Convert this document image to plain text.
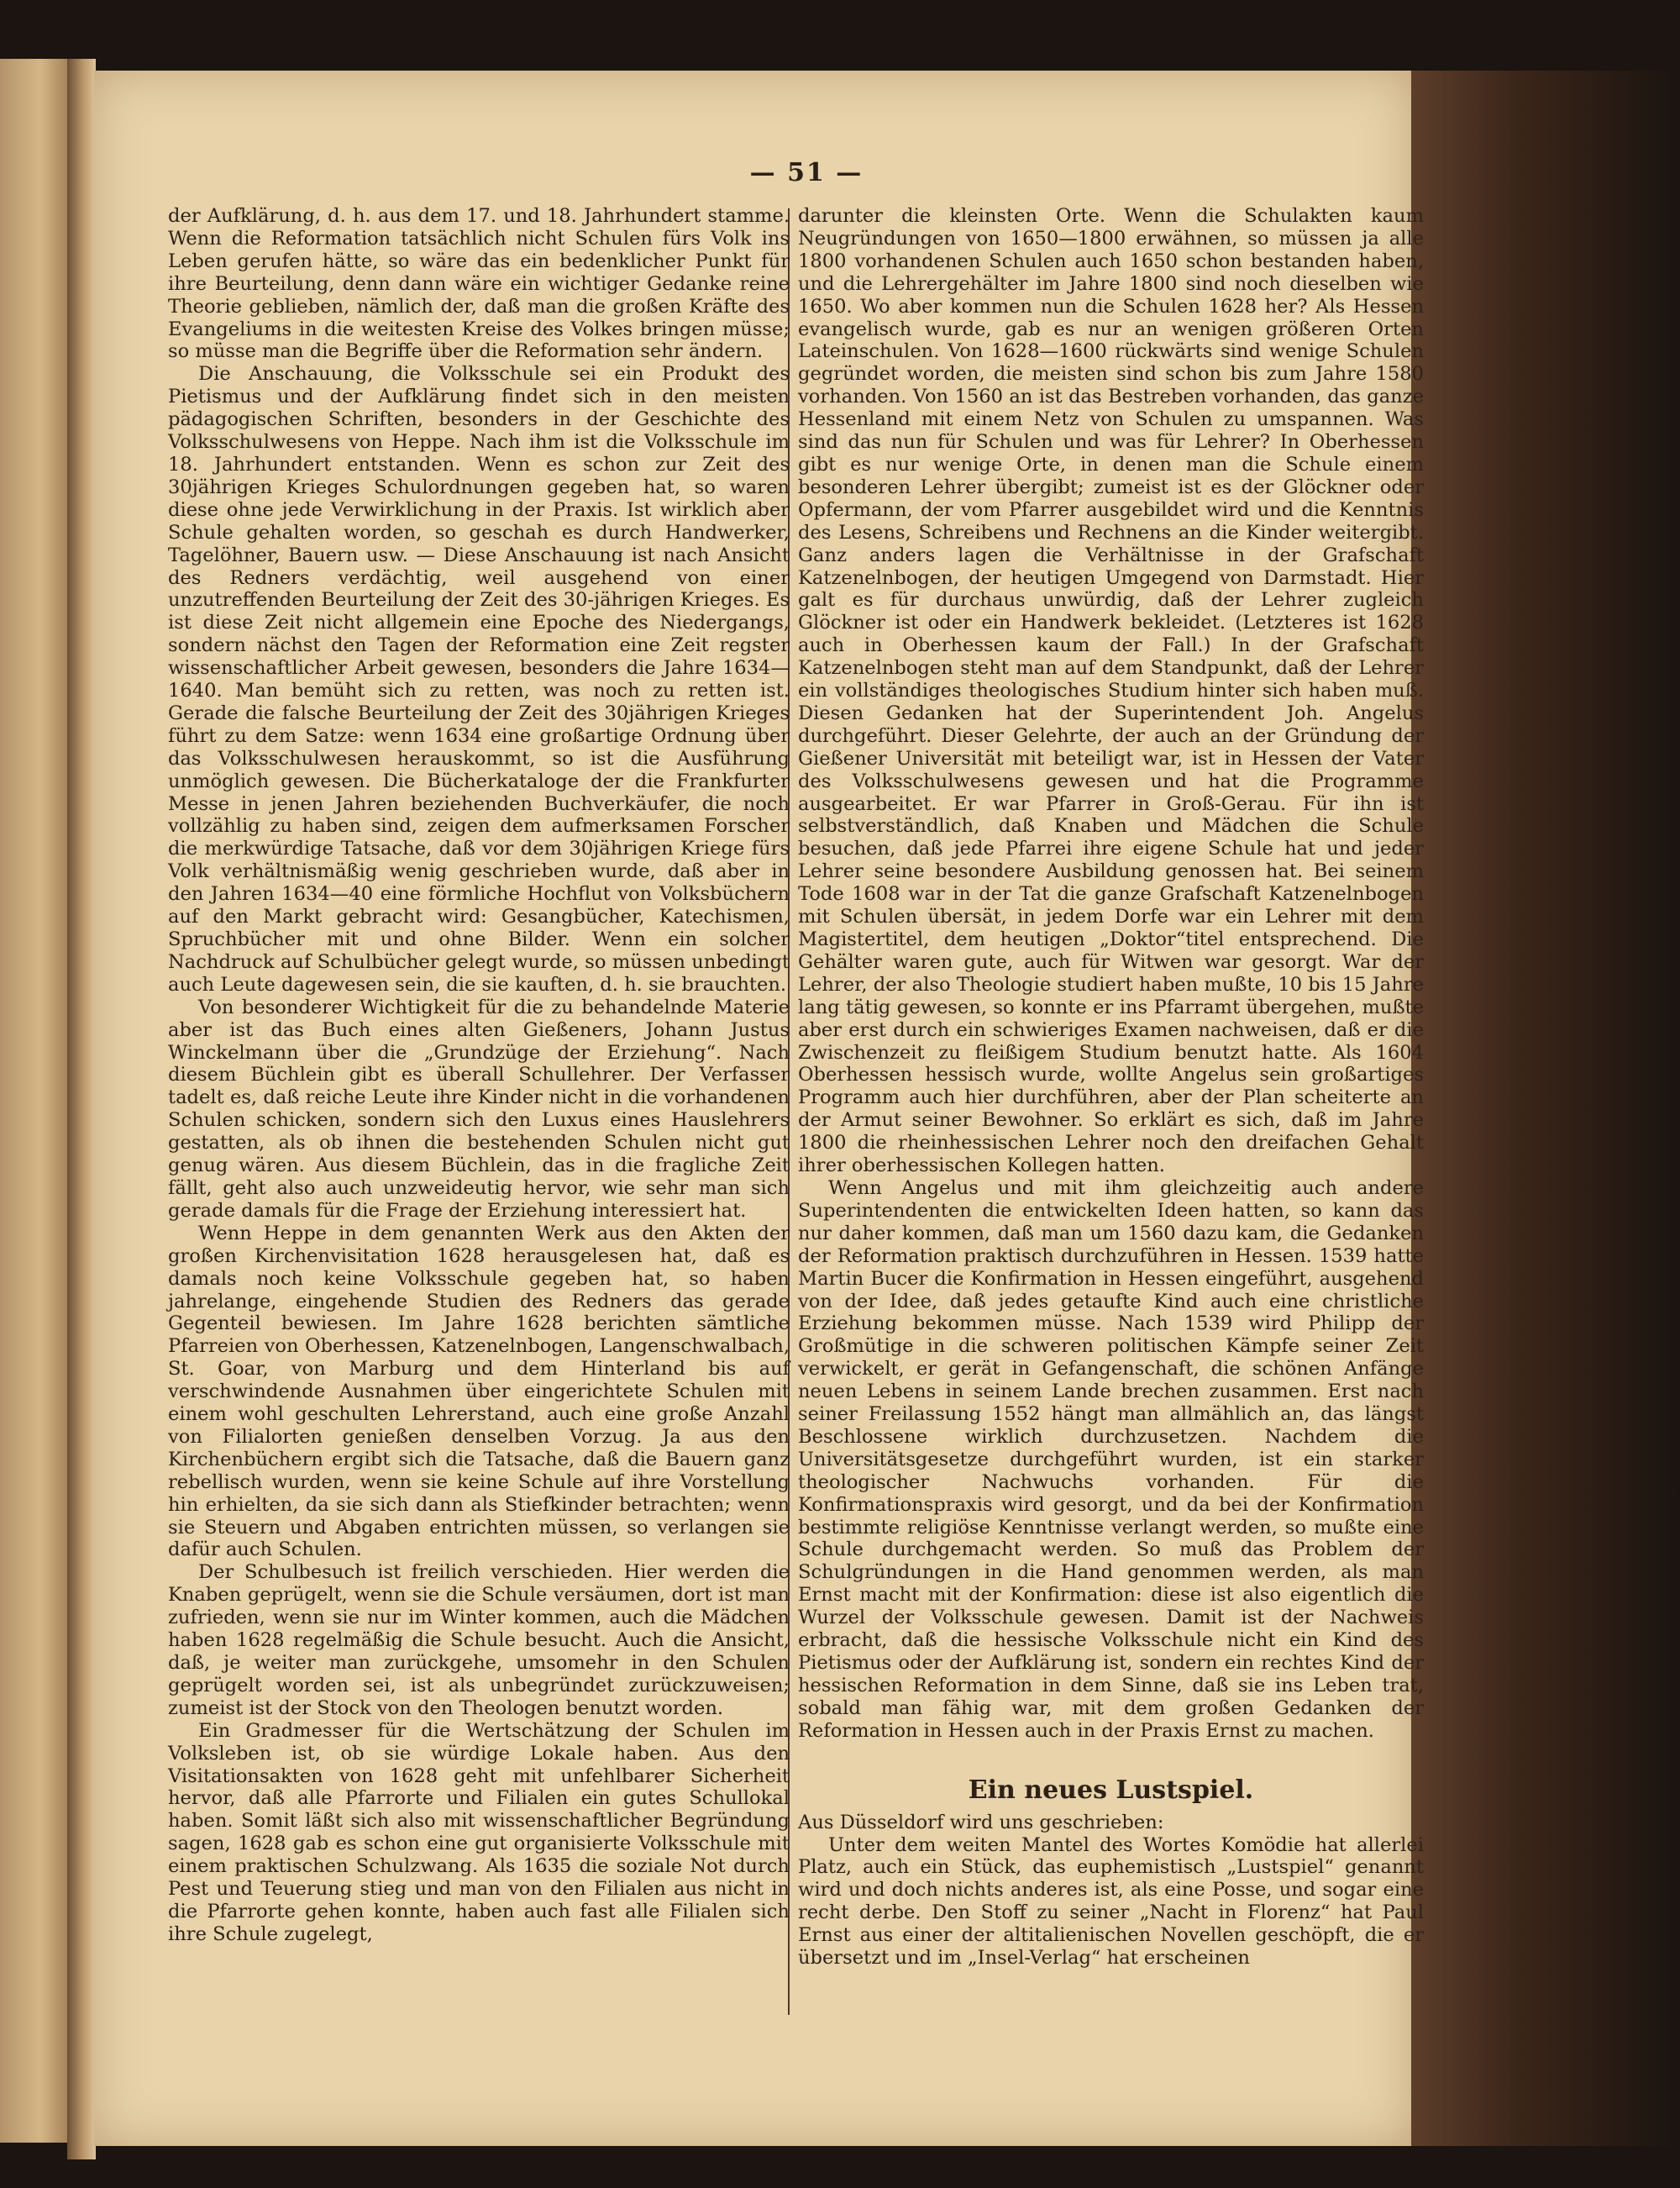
— 51 —

der Aufklärung, d. h. aus dem 17. und 18. Jahrhundert stamme. Wenn die Reformation tatsächlich nicht Schulen fürs Volk ins Leben gerufen hätte, so wäre das ein bedenklicher Punkt für ihre Beurteilung, denn dann wäre ein wichtiger Gedanke reine Theorie geblieben, nämlich der, daß man die großen Kräfte des Evangeliums in die weitesten Kreise des Volkes bringen müsse; so müsse man die Begriffe über die Reformation sehr ändern.

Die Anschauung, die Volksschule sei ein Produkt des Pietismus und der Aufklärung findet sich in den meisten pädagogischen Schriften, besonders in der Geschichte des Volksschulwesens von Heppe. Nach ihm ist die Volksschule im 18. Jahrhundert entstanden. Wenn es schon zur Zeit des 30jährigen Krieges Schulordnungen gegeben hat, so waren diese ohne jede Verwirklichung in der Praxis. Ist wirklich aber Schule gehalten worden, so geschah es durch Handwerker, Tagelöhner, Bauern usw. — Diese Anschauung ist nach Ansicht des Redners verdächtig, weil ausgehend von einer unzutreffenden Beurteilung der Zeit des 30-jährigen Krieges. Es ist diese Zeit nicht allgemein eine Epoche des Niedergangs, sondern nächst den Tagen der Reformation eine Zeit regster wissenschaftlicher Arbeit gewesen, besonders die Jahre 1634—1640. Man bemüht sich zu retten, was noch zu retten ist. Gerade die falsche Beurteilung der Zeit des 30jährigen Krieges führt zu dem Satze: wenn 1634 eine großartige Ordnung über das Volksschulwesen herauskommt, so ist die Ausführung unmöglich gewesen. Die Bücherkataloge der die Frankfurter Messe in jenen Jahren beziehenden Buchverkäufer, die noch vollzählig zu haben sind, zeigen dem aufmerksamen Forscher die merkwürdige Tatsache, daß vor dem 30jährigen Kriege fürs Volk verhältnismäßig wenig geschrieben wurde, daß aber in den Jahren 1634—40 eine förmliche Hochflut von Volksbüchern auf den Markt gebracht wird: Gesangbücher, Katechismen, Spruchbücher mit und ohne Bilder. Wenn ein solcher Nachdruck auf Schulbücher gelegt wurde, so müssen unbedingt auch Leute dagewesen sein, die sie kauften, d. h. sie brauchten.

Von besonderer Wichtigkeit für die zu behandelnde Materie aber ist das Buch eines alten Gießeners, Johann Justus Winckelmann über die „Grundzüge der Erziehung“. Nach diesem Büchlein gibt es überall Schullehrer. Der Verfasser tadelt es, daß reiche Leute ihre Kinder nicht in die vorhandenen Schulen schicken, sondern sich den Luxus eines Hauslehrers gestatten, als ob ihnen die bestehenden Schulen nicht gut genug wären. Aus diesem Büchlein, das in die fragliche Zeit fällt, geht also auch unzweideutig hervor, wie sehr man sich gerade damals für die Frage der Erziehung interessiert hat.

Wenn Heppe in dem genannten Werk aus den Akten der großen Kirchenvisitation 1628 herausgelesen hat, daß es damals noch keine Volksschule gegeben hat, so haben jahrelange, eingehende Studien des Redners das gerade Gegenteil bewiesen. Im Jahre 1628 berichten sämtliche Pfarreien von Oberhessen, Katzenelnbogen, Langenschwalbach, St. Goar, von Marburg und dem Hinterland bis auf verschwindende Ausnahmen über eingerichtete Schulen mit einem wohl geschulten Lehrerstand, auch eine große Anzahl von Filialorten genießen denselben Vorzug. Ja aus den Kirchenbüchern ergibt sich die Tatsache, daß die Bauern ganz rebellisch wurden, wenn sie keine Schule auf ihre Vorstellung hin erhielten, da sie sich dann als Stiefkinder betrachten; wenn sie Steuern und Abgaben entrichten müssen, so verlangen sie dafür auch Schulen.

Der Schulbesuch ist freilich verschieden. Hier werden die Knaben geprügelt, wenn sie die Schule versäumen, dort ist man zufrieden, wenn sie nur im Winter kommen, auch die Mädchen haben 1628 regelmäßig die Schule besucht. Auch die Ansicht, daß, je weiter man zurückgehe, umsomehr in den Schulen geprügelt worden sei, ist als unbegründet zurückzuweisen; zumeist ist der Stock von den Theologen benutzt worden.

Ein Gradmesser für die Wertschätzung der Schulen im Volksleben ist, ob sie würdige Lokale haben. Aus den Visitationsakten von 1628 geht mit unfehlbarer Sicherheit hervor, daß alle Pfarrorte und Filialen ein gutes Schullokal haben. Somit läßt sich also mit wissenschaftlicher Begründung sagen, 1628 gab es schon eine gut organisierte Volksschule mit einem praktischen Schulzwang. Als 1635 die soziale Not durch Pest und Teuerung stieg und man von den Filialen aus nicht in die Pfarrorte gehen konnte, haben auch fast alle Filialen sich ihre Schule zugelegt,

darunter die kleinsten Orte. Wenn die Schulakten kaum Neugründungen von 1650—1800 erwähnen, so müssen ja alle 1800 vorhandenen Schulen auch 1650 schon bestanden haben, und die Lehrergehälter im Jahre 1800 sind noch dieselben wie 1650. Wo aber kommen nun die Schulen 1628 her? Als Hessen evangelisch wurde, gab es nur an wenigen größeren Orten Lateinschulen. Von 1628—1600 rückwärts sind wenige Schulen gegründet worden, die meisten sind schon bis zum Jahre 1580 vorhanden. Von 1560 an ist das Bestreben vorhanden, das ganze Hessenland mit einem Netz von Schulen zu umspannen. Was sind das nun für Schulen und was für Lehrer? In Oberhessen gibt es nur wenige Orte, in denen man die Schule einem besonderen Lehrer übergibt; zumeist ist es der Glöckner oder Opfermann, der vom Pfarrer ausgebildet wird und die Kenntnis des Lesens, Schreibens und Rechnens an die Kinder weitergibt. Ganz anders lagen die Verhältnisse in der Grafschaft Katzenelnbogen, der heutigen Umgegend von Darmstadt. Hier galt es für durchaus unwürdig, daß der Lehrer zugleich Glöckner ist oder ein Handwerk bekleidet. (Letzteres ist 1628 auch in Oberhessen kaum der Fall.) In der Grafschaft Katzenelnbogen steht man auf dem Standpunkt, daß der Lehrer ein vollständiges theologisches Studium hinter sich haben muß. Diesen Gedanken hat der Superintendent Joh. Angelus durchgeführt. Dieser Gelehrte, der auch an der Gründung der Gießener Universität mit beteiligt war, ist in Hessen der Vater des Volksschulwesens gewesen und hat die Programme ausgearbeitet. Er war Pfarrer in Groß-Gerau. Für ihn ist selbstverständlich, daß Knaben und Mädchen die Schule besuchen, daß jede Pfarrei ihre eigene Schule hat und jeder Lehrer seine besondere Ausbildung genossen hat. Bei seinem Tode 1608 war in der Tat die ganze Grafschaft Katzenelnbogen mit Schulen übersät, in jedem Dorfe war ein Lehrer mit dem Magistertitel, dem heutigen „Doktor“titel entsprechend. Die Gehälter waren gute, auch für Witwen war gesorgt. War der Lehrer, der also Theologie studiert haben mußte, 10 bis 15 Jahre lang tätig gewesen, so konnte er ins Pfarramt übergehen, mußte aber erst durch ein schwieriges Examen nachweisen, daß er die Zwischenzeit zu fleißigem Studium benutzt hatte. Als 1604 Oberhessen hessisch wurde, wollte Angelus sein großartiges Programm auch hier durchführen, aber der Plan scheiterte an der Armut seiner Bewohner. So erklärt es sich, daß im Jahre 1800 die rheinhessischen Lehrer noch den dreifachen Gehalt ihrer oberhessischen Kollegen hatten.

Wenn Angelus und mit ihm gleichzeitig auch andere Superintendenten die entwickelten Ideen hatten, so kann das nur daher kommen, daß man um 1560 dazu kam, die Gedanken der Reformation praktisch durchzuführen in Hessen. 1539 hatte Martin Bucer die Konfirmation in Hessen eingeführt, ausgehend von der Idee, daß jedes getaufte Kind auch eine christliche Erziehung bekommen müsse. Nach 1539 wird Philipp der Großmütige in die schweren politischen Kämpfe seiner Zeit verwickelt, er gerät in Gefangenschaft, die schönen Anfänge neuen Lebens in seinem Lande brechen zusammen. Erst nach seiner Freilassung 1552 hängt man allmählich an, das längst Beschlossene wirklich durchzusetzen. Nachdem die Universitätsgesetze durchgeführt wurden, ist ein starker theologischer Nachwuchs vorhanden. Für die Konfirmationspraxis wird gesorgt, und da bei der Konfirmation bestimmte religiöse Kenntnisse verlangt werden, so mußte eine Schule durchgemacht werden. So muß das Problem der Schulgründungen in die Hand genommen werden, als man Ernst macht mit der Konfirmation: diese ist also eigentlich die Wurzel der Volksschule gewesen. Damit ist der Nachweis erbracht, daß die hessische Volksschule nicht ein Kind des Pietismus oder der Aufklärung ist, sondern ein rechtes Kind der hessischen Reformation in dem Sinne, daß sie ins Leben trat, sobald man fähig war, mit dem großen Gedanken der Reformation in Hessen auch in der Praxis Ernst zu machen.

Ein neues Lustspiel.

Aus Düsseldorf wird uns geschrieben:

Unter dem weiten Mantel des Wortes Komödie hat allerlei Platz, auch ein Stück, das euphemistisch „Lustspiel“ genannt wird und doch nichts anderes ist, als eine Posse, und sogar eine recht derbe. Den Stoff zu seiner „Nacht in Florenz“ hat Paul Ernst aus einer der altitalienischen Novellen geschöpft, die er übersetzt und im „Insel-Verlag“ hat erscheinen
